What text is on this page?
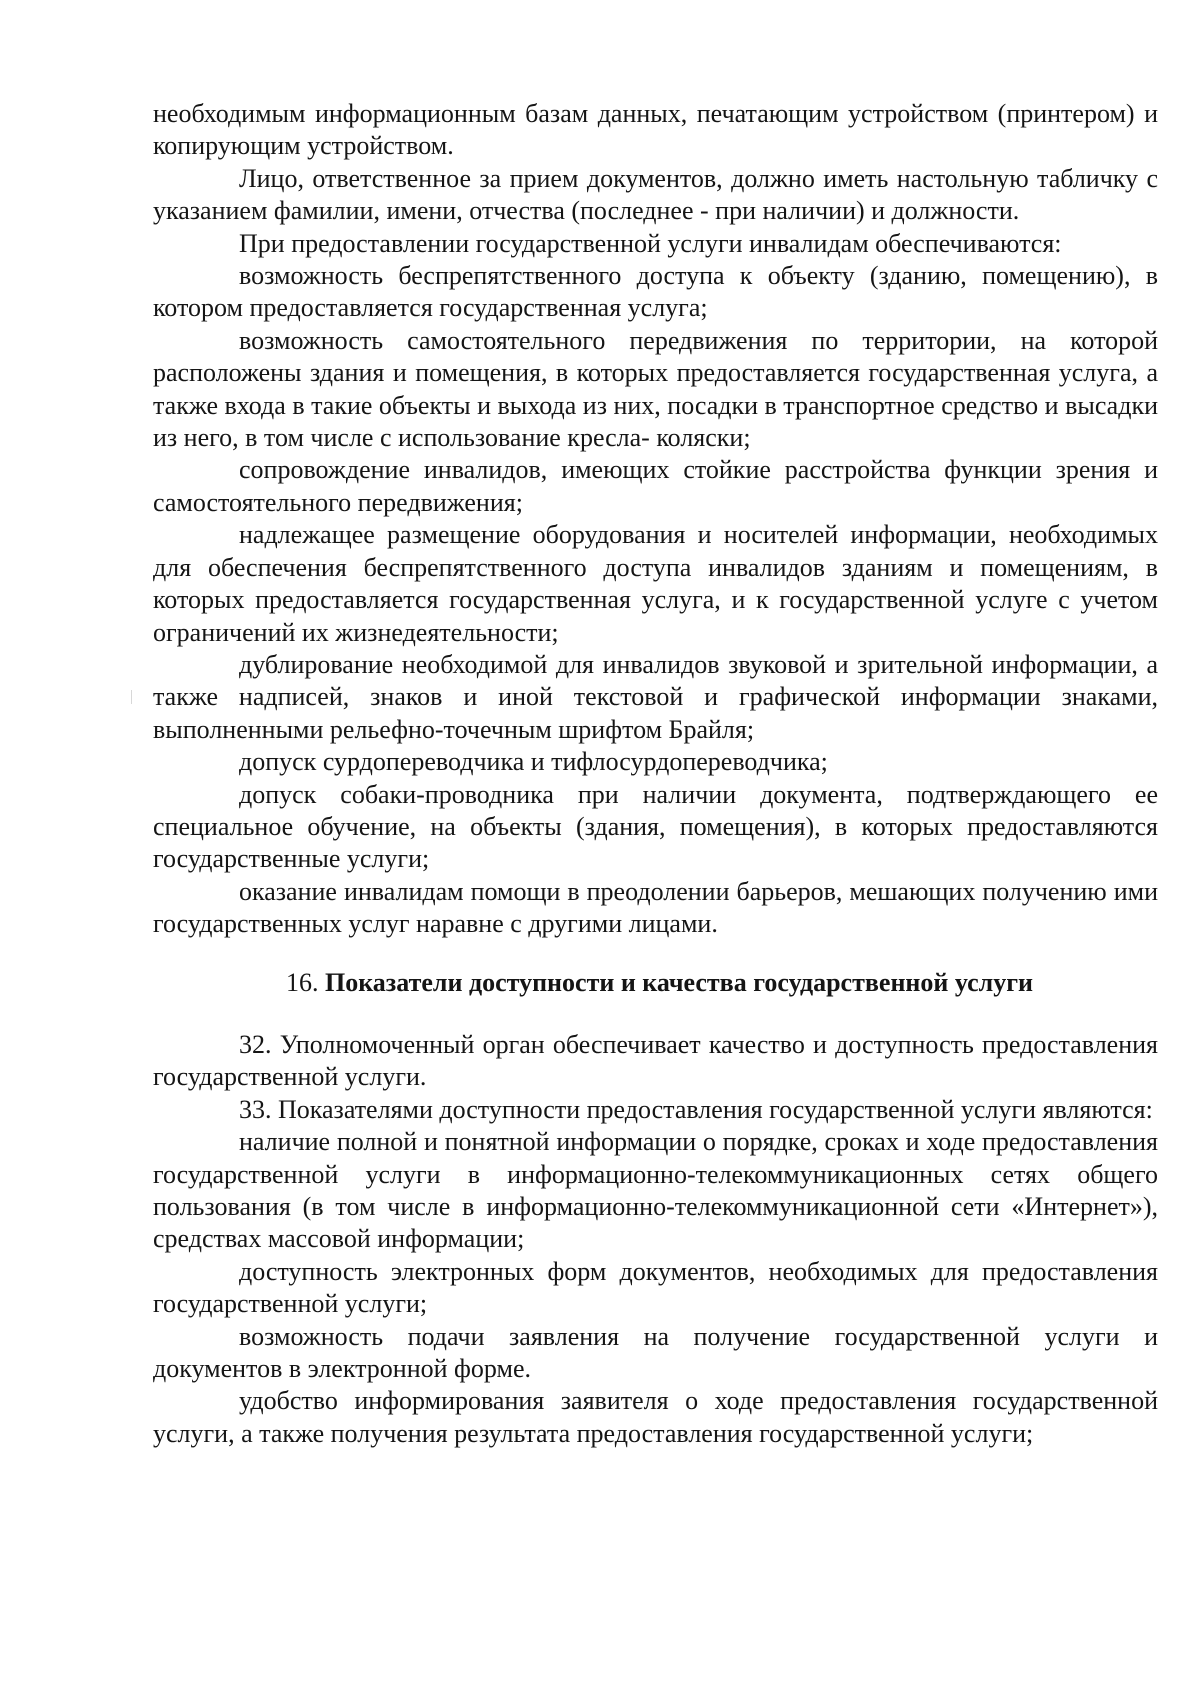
необходимым информационным базам данных, печатающим устройством (принтером) и копирующим устройством.

Лицо, ответственное за прием документов, должно иметь настольную табличку с указанием фамилии, имени, отчества (последнее - при наличии) и должности.

При предоставлении государственной услуги инвалидам обеспечиваются:

возможность беспрепятственного доступа к объекту (зданию, помещению), в котором предоставляется государственная услуга;

возможность самостоятельного передвижения по территории, на которой расположены здания и помещения, в которых предоставляется государственная услуга, а также входа в такие объекты и выхода из них, посадки в транспортное средство и высадки из него, в том числе с использование кресла- коляски;

сопровождение инвалидов, имеющих стойкие расстройства функции зрения и самостоятельного передвижения;

надлежащее размещение оборудования и носителей информации, необходимых для обеспечения беспрепятственного доступа инвалидов зданиям и помещениям, в которых предоставляется государственная услуга, и к государственной услуге с учетом ограничений их жизнедеятельности;

дублирование необходимой для инвалидов звуковой и зрительной информации, а также надписей, знаков и иной текстовой и графической информации знаками, выполненными рельефно-точечным шрифтом Брайля;

допуск сурдопереводчика и тифлосурдопереводчика;

допуск собаки-проводника при наличии документа, подтверждающего ее специальное обучение, на объекты (здания, помещения), в которых предоставляются государственные услуги;

оказание инвалидам помощи в преодолении барьеров, мешающих получению ими государственных услуг наравне с другими лицами.

16. Показатели доступности и качества государственной услуги

32. Уполномоченный орган обеспечивает качество и доступность предоставления государственной услуги.

33. Показателями доступности предоставления государственной услуги являются:

наличие полной и понятной информации о порядке, сроках и ходе предоставления государственной услуги в информационно-телекоммуникационных сетях общего пользования (в том числе в информационно-телекоммуникационной сети «Интернет»), средствах массовой информации;

доступность электронных форм документов, необходимых для предоставления государственной услуги;

возможность подачи заявления на получение государственной услуги и документов в электронной форме.

удобство информирования заявителя о ходе предоставления государственной услуги, а также получения результата предоставления государственной услуги;
